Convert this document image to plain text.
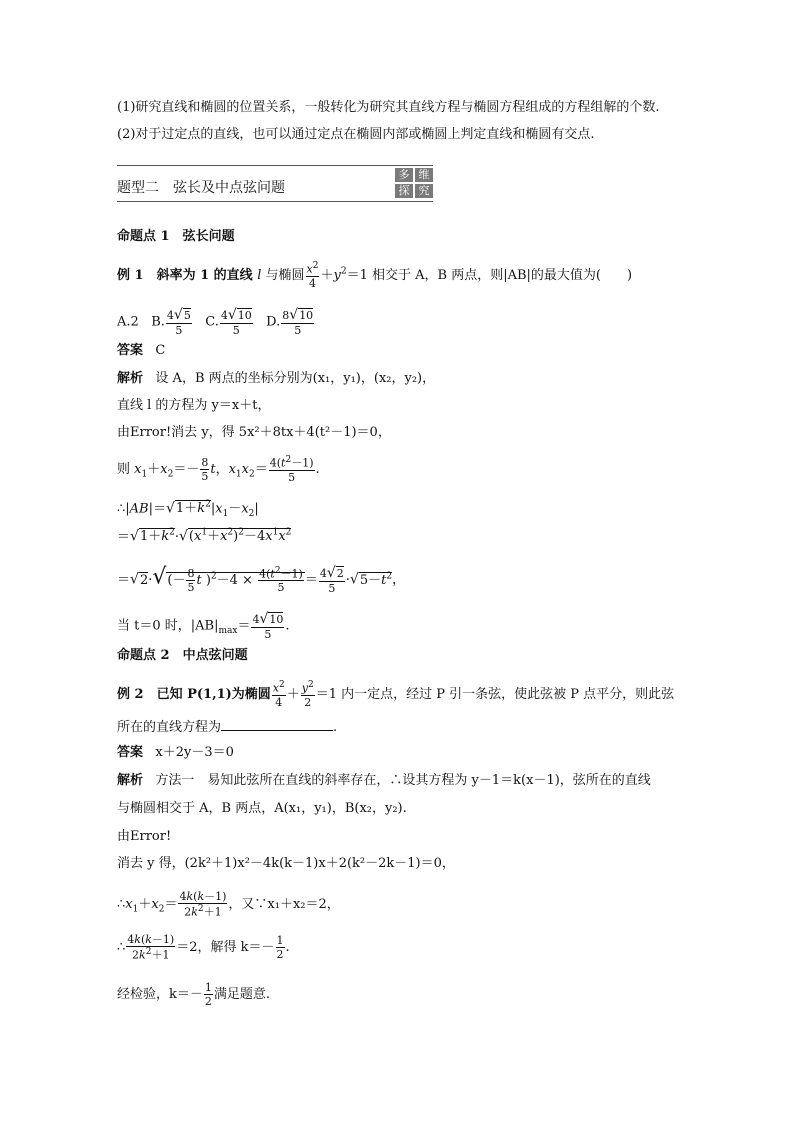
(1)研究直线和椭圆的位置关系，一般转化为研究其直线方程与椭圆方程组成的方程组解的个数.
(2)对于过定点的直线，也可以通过定点在椭圆内部或椭圆上判定直线和椭圆有交点.
题型二　弦长及中点弦问题
多 维
探 究
命题点 1　弦长问题
例 1　斜率为 1 的直线 l 与椭圆 $\frac{x^2}{4} +y^2=1$ 相交于 A，B 两点，则|AB|的最大值为(　　)
A.2 B. $\frac{4√5}{5} C$. $\frac{4√10}{5} D$. $\frac{8√10}{5}$
答案 C
解析 设 A，B 两点的坐标分别为(x₁，y₁)，(x₂，y₂)，
直线 l 的方程为 y＝x＋t，
由Error!消去 y，得 5x²＋8tx＋4(t²－1)＝0，
则 $x_1+x_2=- \frac{8}{5}$ t，$x_1x_2= \frac{4(t^2-1)}{5}$ .
$\therefore|AB|=√1+k^2|x_1-x_2|$
$=√1+k^2\cdot√(x^1+x^2)^2-4x^1x^2$
$=√2\cdot√(- \frac{8}{5}$ t )$^2-4 \times \frac{4(t^2-1)}{5} = \frac{4√2}{5} \cdot√5-t^2$，
当 t＝0 时，$|AB|_{max}= \frac{4√10}{5}$ .
命题点 2　中点弦问题
例 2　已知 P(1,1)为椭圆 $\frac{x^2}{4} + \frac{y^2}{2} =1$ 内一定点，经过 P 引一条弦，使此弦被 P 点平分，则此弦
所在的直线方程为	.
答案 x＋2y－3＝0
解析 方法一　易知此弦所在直线的斜率存在，∴设其方程为 y－1＝k(x－1)，弦所在的直线
与椭圆相交于 A，B 两点，A(x₁，y₁)，B(x₂，y₂).
由Error!
消去 y 得，(2k²＋1)x²－4k(k－1)x＋2(k²－2k－1)＝0，
$\therefore x_1+x_2= \frac{4k(k-1)}{2k^2+1}$ ，又∵x₁＋x₂＝2，
∴ $\frac{4k(k-1)}{2k^2+1} =2$，解得 $k=- \frac{1}{2}$ .
经检验，$k=- \frac{1}{2}$ 满足题意.
